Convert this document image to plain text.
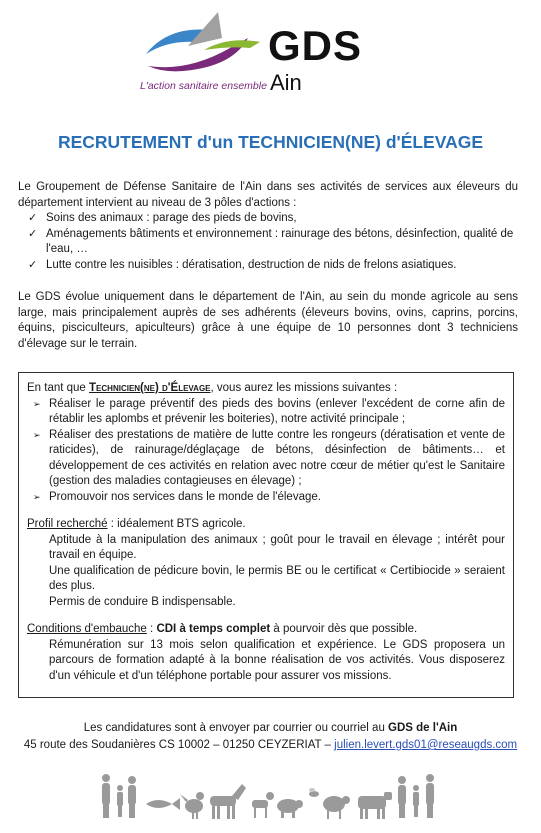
L'action sanitaire ensemble
GDS
Ain
RECRUTEMENT d'un TECHNICIEN(NE) d'ÉLEVAGE
Le Groupement de Défense Sanitaire de l'Ain dans ses activités de services aux éleveurs du département intervient au niveau de 3 pôles d'actions :
✓ Soins des animaux : parage des pieds de bovins,
✓ Aménagements bâtiments et environnement : rainurage des bétons, désinfection, qualité de l'eau, …
✓ Lutte contre les nuisibles : dératisation, destruction de nids de frelons asiatiques.
Le GDS évolue uniquement dans le département de l'Ain, au sein du monde agricole au sens large, mais principalement auprès de ses adhérents (éleveurs bovins, ovins, caprins, porcins, équins, pisciculteurs, apiculteurs) grâce à une équipe de 10 personnes dont 3 techniciens d'élevage sur le terrain.
En tant que Technicien(ne) d'Élevage, vous aurez les missions suivantes :
➢ Réaliser le parage préventif des pieds des bovins (enlever l'excédent de corne afin de rétablir les aplombs et prévenir les boiteries), notre activité principale ;
➢ Réaliser des prestations de matière de lutte contre les rongeurs (dératisation et vente de raticides), de rainurage/déglaçage de bétons, désinfection de bâtiments… et développement de ces activités en relation avec notre cœur de métier qu'est le Sanitaire (gestion des maladies contagieuses en élevage) ;
➢ Promouvoir nos services dans le monde de l'élevage.
Profil recherché : idéalement BTS agricole.
Aptitude à la manipulation des animaux ; goût pour le travail en élevage ; intérêt pour travail en équipe.
Une qualification de pédicure bovin, le permis BE ou le certificat « Certibiocide » seraient des plus.
Permis de conduire B indispensable.
Conditions d'embauche : CDI à temps complet à pourvoir dès que possible.
Rémunération sur 13 mois selon qualification et expérience. Le GDS proposera un parcours de formation adapté à la bonne réalisation de vos activités. Vous disposerez d'un véhicule et d'un téléphone portable pour assurer vos missions.
Les candidatures sont à envoyer par courrier ou courriel au GDS de l'Ain
45 route des Soudanières CS 10002 – 01250 CEYZERIAT – julien.levert.gds01@reseaugds.com
